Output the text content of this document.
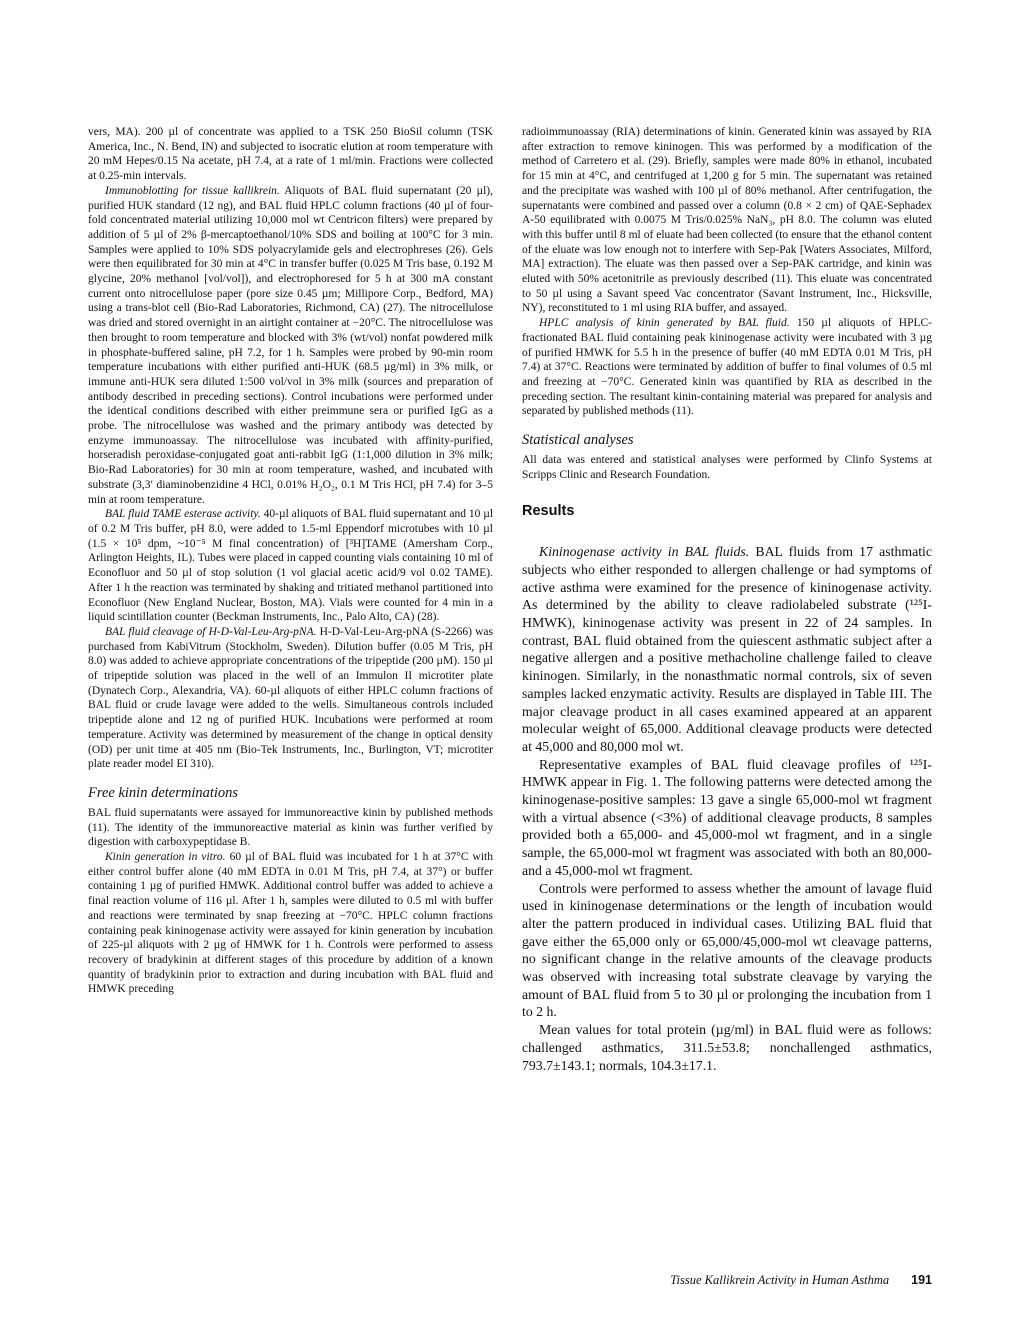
vers, MA). 200 µl of concentrate was applied to a TSK 250 BioSil column (TSK America, Inc., N. Bend, IN) and subjected to isocratic elution at room temperature with 20 mM Hepes/0.15 Na acetate, pH 7.4, at a rate of 1 ml/min. Fractions were collected at 0.25-min intervals.

Immunoblotting for tissue kallikrein. Aliquots of BAL fluid supernatant (20 µl), purified HUK standard (12 ng), and BAL fluid HPLC column fractions (40 µl of four-fold concentrated material utilizing 10,000 mol wt Centricon filters) were prepared by addition of 5 µl of 2% β-mercaptoethanol/10% SDS and boiling at 100°C for 3 min. Samples were applied to 10% SDS polyacrylamide gels and electrophreses (26). Gels were then equilibrated for 30 min at 4°C in transfer buffer (0.025 M Tris base, 0.192 M glycine, 20% methanol [vol/vol]), and electrophoresed for 5 h at 300 mA constant current onto nitrocellulose paper (pore size 0.45 µm; Millipore Corp., Bedford, MA) using a trans-blot cell (Bio-Rad Laboratories, Richmond, CA) (27). The nitrocellulose was dried and stored overnight in an airtight container at −20°C. The nitrocellulose was then brought to room temperature and blocked with 3% (wt/vol) nonfat powdered milk in phosphate-buffered saline, pH 7.2, for 1 h. Samples were probed by 90-min room temperature incubations with either purified anti-HUK (68.5 µg/ml) in 3% milk, or immune anti-HUK sera diluted 1:500 vol/vol in 3% milk (sources and preparation of antibody described in preceding sections). Control incubations were performed under the identical conditions described with either preimmune sera or purified IgG as a probe. The nitrocellulose was washed and the primary antibody was detected by enzyme immunoassay. The nitrocellulose was incubated with affinity-purified, horseradish peroxidase-conjugated goat anti-rabbit IgG (1:1,000 dilution in 3% milk; Bio-Rad Laboratories) for 30 min at room temperature, washed, and incubated with substrate (3,3′ diaminobenzidine 4 HCl, 0.01% H₂O₂, 0.1 M Tris HCl, pH 7.4) for 3–5 min at room temperature.

BAL fluid TAME esterase activity. 40-µl aliquots of BAL fluid supernatant and 10 µl of 0.2 M Tris buffer, pH 8.0, were added to 1.5-ml Eppendorf microtubes with 10 µl (1.5 × 10⁵ dpm, ~10⁻⁵ M final concentration) of [³H]TAME (Amersham Corp., Arlington Heights, IL). Tubes were placed in capped counting vials containing 10 ml of Econofluor and 50 µl of stop solution (1 vol glacial acetic acid/9 vol 0.02 TAME). After 1 h the reaction was terminated by shaking and tritiated methanol partitioned into Econofluor (New England Nuclear, Boston, MA). Vials were counted for 4 min in a liquid scintillation counter (Beckman Instruments, Inc., Palo Alto, CA) (28).

BAL fluid cleavage of H-D-Val-Leu-Arg-pNA. H-D-Val-Leu-Arg-pNA (S-2266) was purchased from KabiVitrum (Stockholm, Sweden). Dilution buffer (0.05 M Tris, pH 8.0) was added to achieve appropriate concentrations of the tripeptide (200 µM). 150 µl of tripeptide solution was placed in the well of an Immulon II microtiter plate (Dynatech Corp., Alexandria, VA). 60-µl aliquots of either HPLC column fractions of BAL fluid or crude lavage were added to the wells. Simultaneous controls included tripeptide alone and 12 ng of purified HUK. Incubations were performed at room temperature. Activity was determined by measurement of the change in optical density (OD) per unit time at 405 nm (Bio-Tek Instruments, Inc., Burlington, VT; microtiter plate reader model EI 310).

Free kinin determinations

BAL fluid supernatants were assayed for immunoreactive kinin by published methods (11). The identity of the immunoreactive material as kinin was further verified by digestion with carboxypeptidase B.

Kinin generation in vitro. 60 µl of BAL fluid was incubated for 1 h at 37°C with either control buffer alone (40 mM EDTA in 0.01 M Tris, pH 7.4, at 37°) or buffer containing 1 µg of purified HMWK. Additional control buffer was added to achieve a final reaction volume of 116 µl. After 1 h, samples were diluted to 0.5 ml with buffer and reactions were terminated by snap freezing at −70°C. HPLC column fractions containing peak kininogenase activity were assayed for kinin generation by incubation of 225-µl aliquots with 2 µg of HMWK for 1 h. Controls were performed to assess recovery of bradykinin at different stages of this procedure by addition of a known quantity of bradykinin prior to extraction and during incubation with BAL fluid and HMWK preceding

radioimmunoassay (RIA) determinations of kinin. Generated kinin was assayed by RIA after extraction to remove kininogen. This was performed by a modification of the method of Carretero et al. (29). Briefly, samples were made 80% in ethanol, incubated for 15 min at 4°C, and centrifuged at 1,200 g for 5 min. The supernatant was retained and the precipitate was washed with 100 µl of 80% methanol. After centrifugation, the supernatants were combined and passed over a column (0.8 × 2 cm) of QAE-Sephadex A-50 equilibrated with 0.0075 M Tris/0.025% NaN₃, pH 8.0. The column was eluted with this buffer until 8 ml of eluate had been collected (to ensure that the ethanol content of the eluate was low enough not to interfere with Sep-Pak [Waters Associates, Milford, MA] extraction). The eluate was then passed over a Sep-PAK cartridge, and kinin was eluted with 50% acetonitrile as previously described (11). This eluate was concentrated to 50 µl using a Savant speed Vac concentrator (Savant Instrument, Inc., Hicksville, NY), reconstituted to 1 ml using RIA buffer, and assayed.

HPLC analysis of kinin generated by BAL fluid. 150 µl aliquots of HPLC-fractionated BAL fluid containing peak kininogenase activity were incubated with 3 µg of purified HMWK for 5.5 h in the presence of buffer (40 mM EDTA 0.01 M Tris, pH 7.4) at 37°C. Reactions were terminated by addition of buffer to final volumes of 0.5 ml and freezing at −70°C. Generated kinin was quantified by RIA as described in the preceding section. The resultant kinin-containing material was prepared for analysis and separated by published methods (11).

Statistical analyses

All data was entered and statistical analyses were performed by Clinfo Systems at Scripps Clinic and Research Foundation.

Results

Kininogenase activity in BAL fluids. BAL fluids from 17 asthmatic subjects who either responded to allergen challenge or had symptoms of active asthma were examined for the presence of kininogenase activity. As determined by the ability to cleave radiolabeled substrate (¹²⁵I-HMWK), kininogenase activity was present in 22 of 24 samples. In contrast, BAL fluid obtained from the quiescent asthmatic subject after a negative allergen and a positive methacholine challenge failed to cleave kininogen. Similarly, in the nonasthmatic normal controls, six of seven samples lacked enzymatic activity. Results are displayed in Table III. The major cleavage product in all cases examined appeared at an apparent molecular weight of 65,000. Additional cleavage products were detected at 45,000 and 80,000 mol wt.

Representative examples of BAL fluid cleavage profiles of ¹²⁵I-HMWK appear in Fig. 1. The following patterns were detected among the kininogenase-positive samples: 13 gave a single 65,000-mol wt fragment with a virtual absence (<3%) of additional cleavage products, 8 samples provided both a 65,000- and 45,000-mol wt fragment, and in a single sample, the 65,000-mol wt fragment was associated with both an 80,000- and a 45,000-mol wt fragment.

Controls were performed to assess whether the amount of lavage fluid used in kininogenase determinations or the length of incubation would alter the pattern produced in individual cases. Utilizing BAL fluid that gave either the 65,000 only or 65,000/45,000-mol wt cleavage patterns, no significant change in the relative amounts of the cleavage products was observed with increasing total substrate cleavage by varying the amount of BAL fluid from 5 to 30 µl or prolonging the incubation from 1 to 2 h.

Mean values for total protein (µg/ml) in BAL fluid were as follows: challenged asthmatics, 311.5±53.8; nonchallenged asthmatics, 793.7±143.1; normals, 104.3±17.1.

Tissue Kallikrein Activity in Human Asthma 191
